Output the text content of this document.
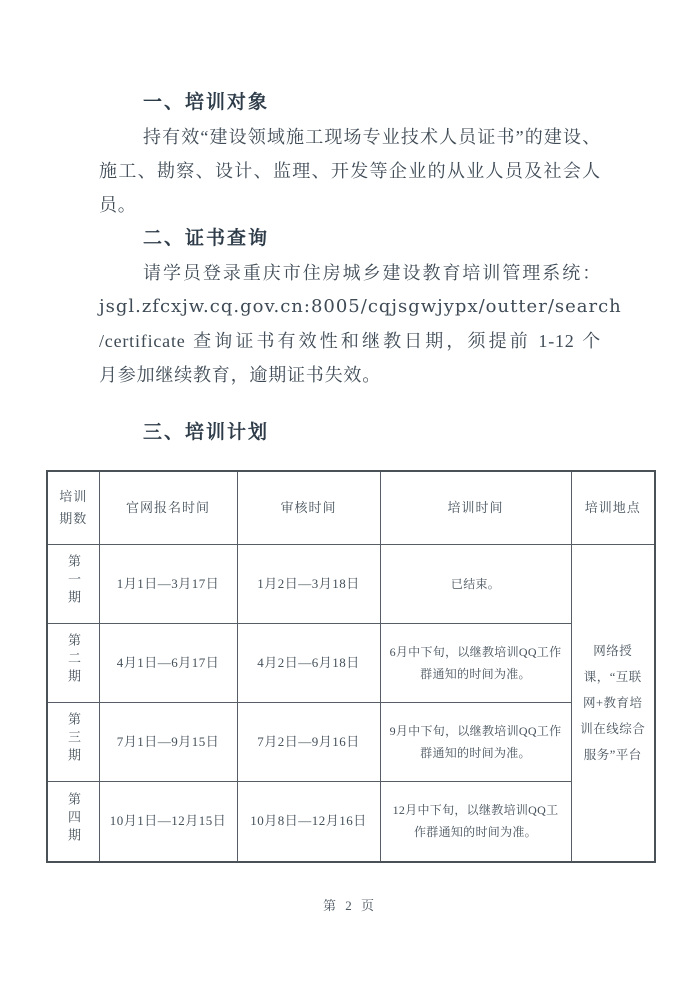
一、培训对象
持有效“建设领域施工现场专业技术人员证书”的建设、
施工、勘察、设计、监理、开发等企业的从业人员及社会人
员。
二、证书查询
请学员登录重庆市住房城乡建设教育培训管理系统：
jsgl.zfcxjw.cq.gov.cn:8005/cqjsgwjypx/outter/search
/certificate 查询证书有效性和继教日期，须提前 1-12 个
月参加继续教育，逾期证书失效。
三、培训计划
培训期数	官网报名时间	审核时间	培训时间	培训地点
第一期	1月1日—3月17日	1月2日—3月18日	已结束。	网络授课，“互联网+教育培训在线综合服务”平台
第二期	4月1日—6月17日	4月2日—6月18日	6月中下旬，以继教培训QQ工作群通知的时间为准。	
第三期	7月1日—9月15日	7月2日—9月16日	9月中下旬，以继教培训QQ工作群通知的时间为准。	
第四期	10月1日—12月15日	10月8日—12月16日	12月中下旬，以继教培训QQ工作群通知的时间为准。	
第 2 页
